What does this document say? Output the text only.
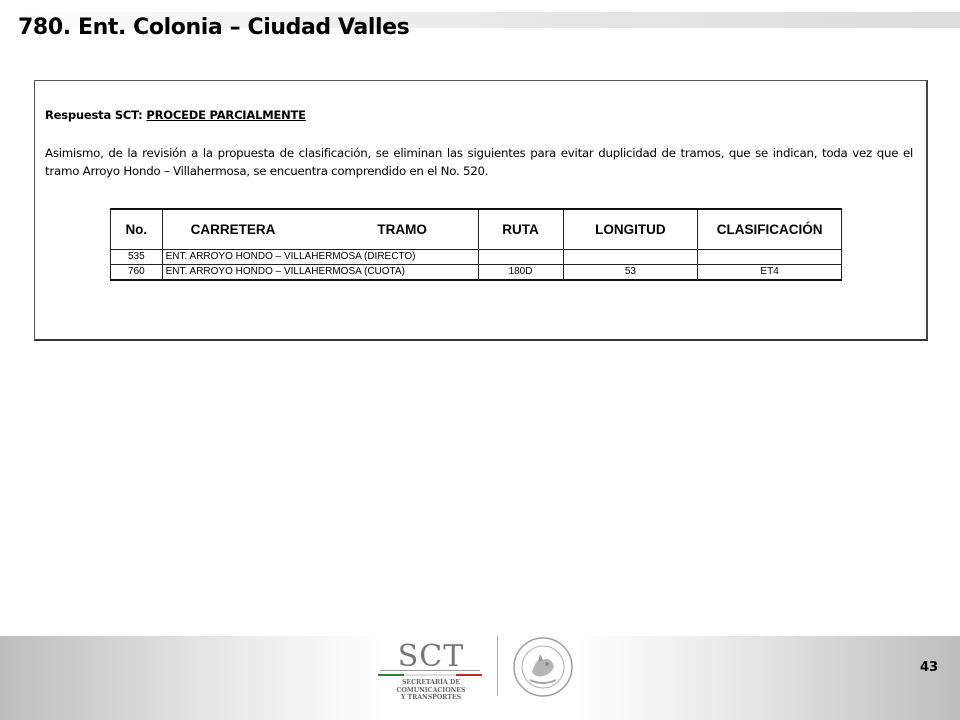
780. Ent. Colonia – Ciudad Valles
Respuesta SCT: PROCEDE PARCIALMENTE

Asimismo, de la revisión a la propuesta de clasificación, se eliminan las siguientes para evitar duplicidad de tramos, que se indican, toda vez que el tramo Arroyo Hondo – Villahermosa, se encuentra comprendido en el No. 520.

No.	CARRETERA TRAMO	RUTA	LONGITUD	CLASIFICACIÓN
535	ENT. ARROYO HONDO – VILLAHERMOSA (DIRECTO)			
760	ENT. ARROYO HONDO – VILLAHERMOSA (CUOTA)	180D	53	ET4
SCT
SECRETARÍA DE
COMUNICACIONES
Y TRANSPORTES
43
